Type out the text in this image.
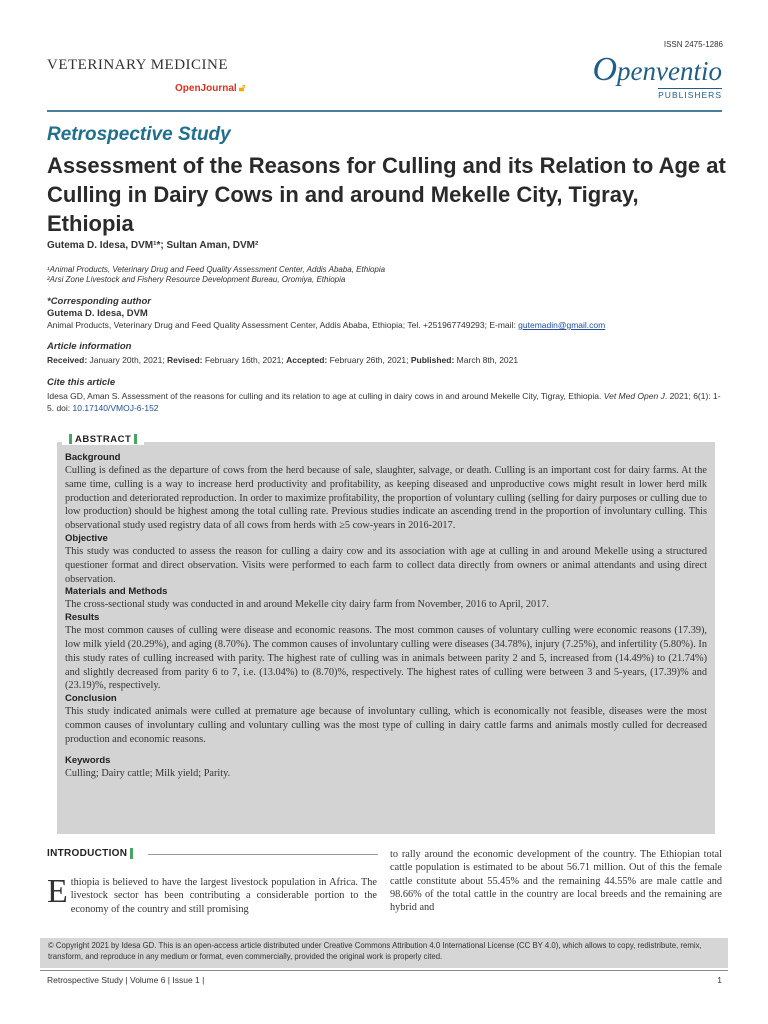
ISSN 2475-1286
VETERINARY MEDICINE
OpenJournal 🔓︎
Openventio
PUBLISHERS
Retrospective Study
Assessment of the Reasons for Culling and its Relation to Age at Culling in Dairy Cows in and around Mekelle City, Tigray, Ethiopia
Gutema D. Idesa, DVM¹*; Sultan Aman, DVM²
¹Animal Products, Veterinary Drug and Feed Quality Assessment Center, Addis Ababa, Ethiopia
²Arsi Zone Livestock and Fishery Resource Development Bureau, Oromiya, Ethiopia
*Corresponding author
Gutema D. Idesa, DVM
Animal Products, Veterinary Drug and Feed Quality Assessment Center, Addis Ababa, Ethiopia; Tel. +251967749293; E-mail: gutemadin@gmail.com
Article information
Received: January 20th, 2021; Revised: February 16th, 2021; Accepted: February 26th, 2021; Published: March 8th, 2021
Cite this article
Idesa GD, Aman S. Assessment of the reasons for culling and its relation to age at culling in dairy cows in and around Mekelle City, Tigray, Ethiopia. Vet Med Open J. 2021; 6(1): 1-5. doi: 10.17140/VMOJ-6-152
ABSTRACT
Background

Culling is defined as the departure of cows from the herd because of sale, slaughter, salvage, or death. Culling is an important cost for dairy farms. At the same time, culling is a way to increase herd productivity and profitability, as keeping diseased and unproductive cows might result in lower herd milk production and deteriorated reproduction. In order to maximize profitability, the proportion of voluntary culling (selling for dairy purposes or culling due to low production) should be highest among the total culling rate. Previous studies indicate an ascending trend in the proportion of involuntary culling. This observational study used registry data of all cows from herds with ≥5 cow-years in 2016-2017.

Objective

This study was conducted to assess the reason for culling a dairy cow and its association with age at culling in and around Mekelle using a structured questioner format and direct observation. Visits were performed to each farm to collect data directly from owners or animal attendants and using direct observation.

Materials and Methods

The cross-sectional study was conducted in and around Mekelle city dairy farm from November, 2016 to April, 2017.

Results

The most common causes of culling were disease and economic reasons. The most common causes of voluntary culling were economic reasons (17.39), low milk yield (20.29%), and aging (8.70%). The common causes of involuntary culling were diseases (34.78%), injury (7.25%), and infertility (5.80%). In this study rates of culling increased with parity. The highest rate of culling was in animals between parity 2 and 5, increased from (14.49%) to (21.74%) and slightly decreased from parity 6 to 7, i.e. (13.04%) to (8.70)%, respectively. The highest rates of culling were between 3 and 5-years, (17.39)% and (23.19)%, respectively.

Conclusion

This study indicated animals were culled at premature age because of involuntary culling, which is economically not feasible, diseases were the most common causes of involuntary culling and voluntary culling was the most type of culling in dairy cattle farms and animals mostly culled for decreased production and economic reasons.

Keywords

Culling; Dairy cattle; Milk yield; Parity.

INTRODUCTION
Ethiopia is believed to have the largest livestock population in Africa. The livestock sector has been contributing a considerable portion to the economy of the country and still promising
to rally around the economic development of the country. The Ethiopian total cattle population is estimated to be about 56.71 million. Out of this the female cattle constitute about 55.45% and the remaining 44.55% are male cattle and 98.66% of the total cattle in the country are local breeds and the remaining are hybrid and
© Copyright 2021 by Idesa GD. This is an open-access article distributed under Creative Commons Attribution 4.0 International License (CC BY 4.0), which allows to copy, redistribute, remix, transform, and reproduce in any medium or format, even commercially, provided the original work is properly cited.
Retrospective Study | Volume 6 | Issue 1 |	1
